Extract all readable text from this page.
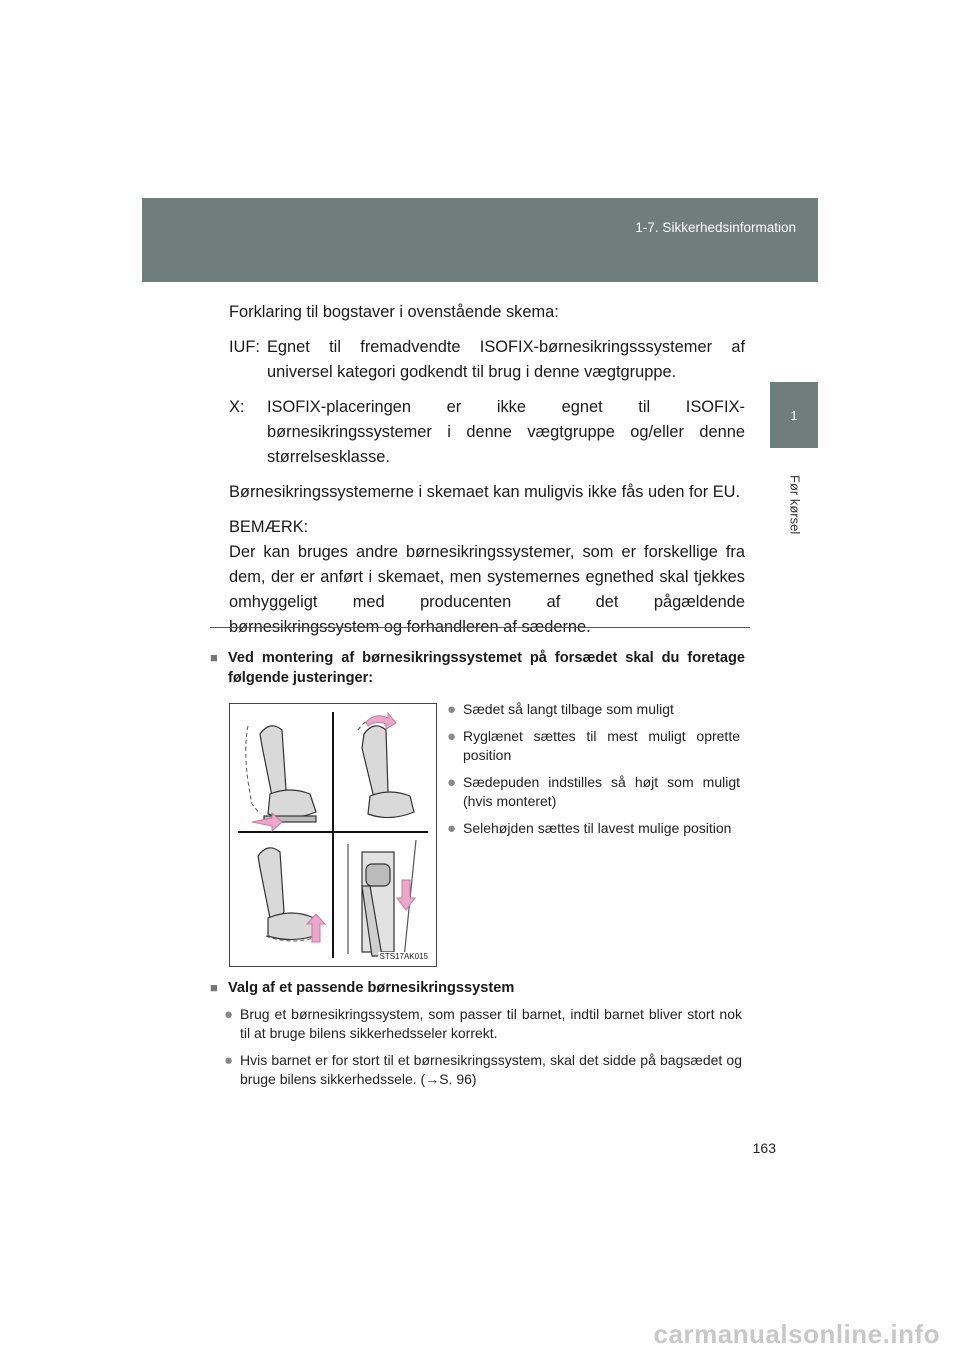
1-7. Sikkerhedsinformation
1
Før kørsel

Forklaring til bogstaver i ovenstående skema:

IUF: Egnet til fremadvendte ISOFIX-børnesikringsssystemer af universel kategori godkendt til brug i denne vægtgruppe.
X:	ISOFIX-placeringen er ikke egnet til ISOFIX-børnesikringssystemer i denne vægtgruppe og/eller denne størrelsesklasse.

Børnesikringssystemerne i skemaet kan muligvis ikke fås uden for EU.

BEMÆRK:

Der kan bruges andre børnesikringssystemer, som er forskellige fra dem, der er anført i skemaet, men systemernes egnethed skal tjekkes omhyggeligt med producenten af det pågældende børnesikringssystem og forhandleren af sæderne.

■ Ved montering af børnesikringssystemet på forsædet skal du foretage følgende justeringer:
STS17AK015
● Sædet så langt tilbage som muligt
● Ryglænet sættes til mest muligt oprette position
● Sædepuden indstilles så højt som muligt (hvis monteret)
● Selehøjden sættes til lavest mulige position
■ Valg af et passende børnesikringssystem
● Brug et børnesikringssystem, som passer til barnet, indtil barnet bliver stort nok til at bruge bilens sikkerhedsseler korrekt.
● Hvis barnet er for stort til et børnesikringssystem, skal det sidde på bagsædet og bruge bilens sikkerhedssele. (→S. 96)
163
carmanualsonline.info
